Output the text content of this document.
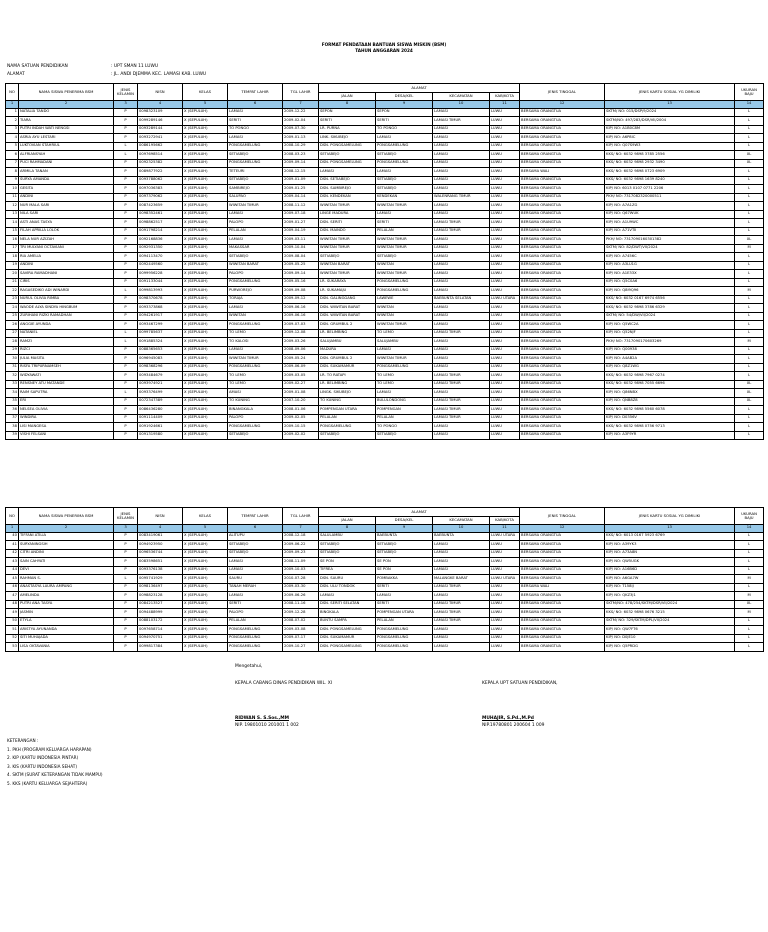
FORMAT PENDATAAN BANTUAN SISWA MISKIN (BSM)
TAHUN ANGGARAN 2024
NAMA SATUAN PENDIDIKAN	: UPT SMAN 11 LUWU
ALAMAT	: JL. ANDI DJEMMA KEC. LAMASI KAB. LUWU
NO	NAMA SISWA PENERIMA BSM	JENIS KELAMIN	NISN	KELAS	TEMPAT LAHIR	TGL LAHIR	ALAMAT				JENIS TINGGAL	JENIS KARTU SOSIAL YG DIMILIKI	UKURAN BAJU
							JALAN	DESA/KEL	KECAMATAN	KAB/KOTA			
1	2	3	4	5	6	7	8	9	10	11	12	13	14
1	NATALIA TANDO	P	0098323109	X (SEPULUH)	LAMASI	2009-12-22	SEPON	SEPON	LAMASI	LUWU	BERSAMA ORANGTUA	SKTM/ NO: 015/DSP/9/2024	L
2	TIARA	P	0099289146	X (SEPULUH)	SERITI	2009-02-04	SERITI	SERITI	LAMASI TIMUR	LUWU	BERSAMA ORANGTUA	SKTM/NO: 497/283/DSR/VII/2004	L
3	PUTRI INDAH WATI NENGSI	P	0093289144	X (SEPULUH)	TO PONGO	2009-07-30	LR. PURNA	TO PONGO	LAMASI	LUWU	BERSAMA ORANGTUA	KIP/ NO: A1B0C8M	L
4	ASRIA AYU LESTARI	P	0093272941	X (SEPULUH)	LAMASI	2009-01-13	LINK. SIKUBEJO	LAMASI	LAMASI	LUWU	BERSAMA ORANGTUA	KIP/ NO: A6P8IC	L
5	LUKTOVIAN STAHRIUL	L	0086195662	X (SEPULUH)	PONGSAMELUNG	2008-10-29	DSN. PONGSAMELUNG	PONGSAMELUNG	LAMASI	LUWU	BERSAMA ORANGTUA	KIP/ NO: Q07S9W3	L
6	ALFRIANSYAH	L	0097698514	X (SEPULUH)	SETIABEJO	2008-03-23	SETIABEJO	SETIABEJO	LAMASI	LUWU	BERSAMA ORANGTUA	KKS/ NO: 6032 9898 3785 2556	XL
7	PUCI RAHMADANI	P	0092325382	X (SEPULUH)	PONGSAMELUNG	2009-09-14	DSN. PONGSAMELUNG	PONGSAMELUNG	LAMASI	LUWU	BERSAMA ORANGTUA	KKS/ NO: 6032 9898 2932 3490	XL
8	ARMILA TANAN	P	0089877922	X (SEPULUH)	TETEURI	2008-12-15	LAMASI	LAMASI	LAMASI	LUWU	BERSAMA WALI	KKS/ NO: 6032 9898 0723 6909	L
9	SURYA AMANDA	P	0093788062	X (SEPULUH)	SETIABEJO	2009-01-09	DSN. SETIABEJO	SETIABEJO	LAMASI	LUWU	BERSAMA ORANGTUA	KKS/ NO: 6032 9898 1639 8240	L
10	GESITA	P	0097036383	X (SEPULUH)	SAMBIREJO	2009-01-25	DSN. SAMBIREJO	SETIABEJO	LAMASI	LUWU	BERSAMA ORANGTUA	KIP/ NO: 6013 0107 0771 2206	L
11	ANDINI	P	0097379062	X (SEPULUH)	SALUPAO	2009-04-14	DSN. KENDEKAN	KENDEKAN	WALENRANG TIMUR	LUWU	BERSAMA ORANGTUA	PKH/ NO: 7317082320000511	L
12	NUR MALA SARI	P	0087423659	X (SEPULUH)	WIWITAN TIMUR	2008-11-12	WIWITAN TIMUR	WIWITAN TIMUR	LAMASI	LUWU	BERSAMA ORANGTUA	KIP/ NO: A7A1ZG	L
13	NILA SARI	P	0098352461	X (SEPULUH)	LAMASI	2009-07-18	LINGE MADURA	LAMASI	LAMASI	LUWU	BERSAMA ORANGTUA	KIP/ NO: Q67WUK	L
14	ASTI ANAS TASYA	P	0098862517	X (SEPULUH)	PALOPO	2009-01-27	DSN. SERITI	SERITI	LAMASI TIMUR	LUWU	BERSAMA ORANGTUA	KIP/ NO: A1U9WC	L
15	FILAH APRILIA LOLOK	P	0091798214	X (SEPULUH)	PELALAN	2009-04-19	DSN. MAINDO	PELALAN	LAMASI TIMUR	LUWU	BERSAMA ORANGTUA	KIP/ NO: A71VTII	L
16	NELA NUR AZIZAH	P	0092168836	X (SEPULUH)	LAMASI	2009-03-11	WIWITAN TIMUR	WIWITAN TIMUR	LAMASI	LUWU	BERSAMA ORANGTUA	PKH/ NO: 7317090160301382	XL
17	TRI MULYANI OCTAVIANI	P	0092931350	X (SEPULUH)	MAKASSAR	2009-10-04	WIWITAN TIMUR	WIWITAN TIMUR	LAMASI	LUWU	BERSAMA ORANGTUA	SKTM/ NO: 82/DWT/VII/2024	M
18	RIA AMELIA	P	0094113470	X (SEPULUH)	SETIABEJO	2009-08-04	SETIABEJO	SETIABEJO	LAMASI	LUWU	BERSAMA ORANGTUA	KIP/ NO: A7456C	L
19	ANDINI	P	0092449560	X (SEPULUH)	WIWITAN BARAT	2009-05-25	WIWITAN BARAT	WIWITAN	LAMASI	LUWU	BERSAMA ORANGTUA	KIP/ NO: A3LU1G	L
20	SAVIRA RAMADHANI	P	0099956228	X (SEPULUH)	PALOPO	2009-09-14	WIWITAN TIMUR	WIWITAN TIMUR	LAMASI	LUWU	BERSAMA ORANGTUA	KIP/ NO: A1E33X	L
21	CIRIS	P	0091133044	X (SEPULUH)	PONGSAMELUNG	2009-05-16	LR. SUKARAYA	PONGSAMELUNG	LAMASI	LUWU	BERSAMA ORANGTUA	KIP/ NO: Q5C0A6	L
22	RAGASEDIKO ADI WINARDI	L	0099813993	X (SEPULUH)	PURWOREJO	2009-09-08	LR. SUKAMAJU	PONGSAMELUNG	LAMASI	LUWU	BERSAMA ORANGTUA	KIP/ NO: Q8I9Q96	M
23	NURUL OLIVIA RIMBA	P	0098370678	X (SEPULUH)	TORAJA	2009-09-12	DSN. GALINGGANG	LAWEWE	BAEBUNTA SELATAN	LUWU UTARA	BERSAMA ORANGTUA	KKS/ NO: 6032 0167 6974 6556	L
24	WAODE ALYA SINDYA HINGBUM	P	0093373868	X (SEPULUH)	LAMASI	2009-06-16	DSN. WIWITAN BARAT	WIWITAN	LAMASI	LUWU	BERSAMA ORANGTUA	KKS/ NO: 6032 9898 3786 6329	L
25	ZURIHANI RIZKI RAMADHAN	P	0094261917	X (SEPULUH)	WIWITAN	2009-06-16	DSN. WIWITAN BARAT	WIWITAN	LAMASI	LUWU	BERSAMA ORANGTUA	SKTM/ NO: 54/DW/VII/2024	L
26	ANGGIE AYUNDA	P	0093467299	X (SEPULUH)	PONGSAMELUNG	2009-07-03	DSN. GRUMBUL 2	WIWITAN TIMUR	LAMASI	LUWU	BERSAMA ORANGTUA	KIP/ NO: Q5WC2A	L
27	NATANIEL	L	0099785637	X (SEPULUH)	TO LEMO	2009-12-08	LR. BELIMBING	TO LEMO	LAMASI TIMUR	LUWU	BERSAMA ORANGTUA	KIP/ NO: Q52NJF	L
28	RAMZI	L	0091885324	X (SEPULUH)	TO KALOSI	2009-03-26	SALUJAMBU	SALUJAMBU	LAMASI	LUWU	BERSAMA ORANGTUA	PKH/ NO: 7317090170603269	M
29	RIZCI	P	0088365653	X (SEPULUH)	LAMASI	2008-09-06	MADURA	LAMASI	LAMASI	LUWU	BERSAMA ORANGTUA	KIP/ NO: Q00938	L
30	JULIA MASITA	P	0096945083	X (SEPULUH)	WIWITAN TIMUR	2009-05-24	DSN. GRUMBUL 2	WIWITAN TIMUR	LAMASI	LUWU	BERSAMA ORANGTUA	KIP/ NO: A4AB2A	L
31	RISFA TRIPURNAMSEH	P	0098368296	X (SEPULUH)	PONGSAMELUNG	2009-06-09	DSN. SUKAMAMUR	PONGSAMELUNG	LAMASI	LUWU	BERSAMA ORANGTUA	KIP/ NO: Q8Z1WG	L
32	WIDYAWATI	P	0093484679	X (SEPULUH)	TO LEMO	2009-03-05	LR. TO RATAPI	TO LEMO	LAMASI TIMUR	LUWU	BERSAMA ORANGTUA	KKS/ NO: 6032 9898 7967 0274	L
33	RENSNEY ATU MATANDE	P	0093974921	X (SEPULUH)	TO LEMO	2009-02-27	LR. BELIMBING	TO LEMO	LAMASI TIMUR	LUWU	BERSAMA ORANGTUA	KKS/ NO: 6032 9898 7055 6696	XL
34	RAIM SAPUTRA	L	0093376499	X (SEPULUH)	AMASI	2009-01-08	LINGK. SIKUBEJO	LAMASI	LAMASI	LUWU	BERSAMA ORANGTUA	KIP/ NO: Q86NBX	XL
35	ERI	P	0072347389	X (SEPULUH)	TO KUNING	2007-10-20	TO KUNING	BULULONDONG	LAMASI TIMUR	LUWU	BERSAMA ORANGTUA	KIP/ NO: QNB8Z8	XL
36	NELSEA OLIVIA	P	0086436280	X (SEPULUH)	BINANGKALA	2008-01-06	POMPENGAN UTARA	POMPENGAN	LAMASI TIMUR	LUWU	BERSAMA ORANGTUA	KKS/ NO: 6032 9898 5560 6078	L
37	WINDIRA	P	0091114409	X (SEPULUH)	PALOPO	2009-02-05	PELALAN	PELALAN	LAMASI TIMUR	LUWU	BERSAMA ORANGTUA	KIP/ NO: D0356V	L
38	LISI MANGESA	P	0091924661	X (SEPULUH)	PONGSAMELUNG	2009-10-15	PONGSAMELUNG	TO PONGO	LAMASI	LUWU	BERSAMA ORANGTUA	KKS/ NO: 6032 9898 0756 9713	L
39	VISHI FELSANI	P	0091319580	X (SEPULUH)	SETIABEJO	2009-02-02	SETIABEJO	SETIABEJO	LAMASI	LUWU	BERSAMA ORANGTUA	KIP/ NO: A3F9YR	L
NO	NAMA SISWA PENERIMA BSM	JENIS KELAMIN	NISN	KELAS	TEMPAT LAHIR	TGL LAHIR	ALAMAT				JENIS TINGGAL	JENIS KARTU SOSIAL YG DIMILIKI	UKURAN BAJU
							JALAN	DESA/KEL	KECAMATAN	KAB/KOTA			
1	2	3	4	5	6	7	8	9	10	11	12	13	14
40	TIFFANI ATILIA	P	0083419061	X (SEPULUH)	ALITUPU	2008-12-18	SALULAMBU	BAEBUNTA	BAEBUNTA	LUWU UTARA	BERSAMA ORANGTUA	KKS/ NO: 6013 0167 5923 6769	L
41	SURYANINGSIH	P	0094923950	X (SEPULUH)	SETIABEJO	2009-06-22	SETIABEJO	SETIABEJO	LAMASI	LUWU	BERSAMA ORANGTUA	KIP/ NO: A39YK3	L
42	CITRI ANDINI	P	0096536744	X (SEPULUH)	SETIABEJO	2009-09-23	SETIABEJO	SETIABEJO	LAMASI	LUWU	BERSAMA ORANGTUA	KIP/ NO: A73A8N	L
43	SAIN CAHYATI	P	0083598651	X (SEPULUH)	LAMASI	2008-11-09	SE PON	SE PON	LAMASI	LUWU	BERSAMA ORANGTUA	KIP/ NO: QW5UGK	L
44	DEVI	P	0093376138	X (SEPULUH)	LAMASI	2009-10-03	TIFREA	SE PON	LAMASI	LUWU	BERSAMA ORANGTUA	KIP/ NO: A16B6D	L
45	RAHMAN S.	L	0095741929	X (SEPULUH)	SAURU	2010-07-28	DSN. SAURU	POMBAKKA	MALANGKE BARAT	LUWU UTARA	BERSAMA ORANGTUA	KIP/ NO: A6GA7W	M
46	ANASTASYA LAURA AMPANG	P	0098136497	X (SEPULUH)	TANAH MERAH	2009-03-30	DSN. ULU TONDOK	SERITI	LAMASI TIMUR	LUWU	BERSAMA WALI	KIP/ NO: T158IJ	L
47	AMELINDA	P	0098823128	X (SEPULUH)	LAMASI	2009-06-26	LAMASI	LAMASI	LAMASI	LUWU	BERSAMA ORANGTUA	KIP/ NO: QKZ3J1	M
48	PUTRI ANA TASYA	P	0084213527	X (SEPULUH)	SERITI	2008-11-16	DSN. SERITI SELATAN	SERITI	LAMASI TIMUR	LUWU	BERSAMA ORANGTUA	SKTM/NO: 478/254/SKTM/DSR/VII/2024	XL
49	JASMIN	P	0094488999	X (SEPULUH)	PALOPO	2009-12-28	BINGKALA	POMPENGAN UTARA	LAMASI TIMUR	LUWU	BERSAMA ORANGTUA	KKS/ NO: 6032 9898 0676 3215	M
50	ETYLA	P	0088103172	X (SEPULUH)	PELALAN	2008-07-02	BUNTU SAMPA	PELALAN	LAMASI TIMUR	LUWU	BERSAMA ORANGTUA	SKTM/ NO: 329/SKTM/DPL/VII/2024	L
51	ARISTYA AYUNANDA	P	0097658714	X (SEPULUH)	PONGSAMELUNG	2009-03-08	DSN. PONGSAMELUNG	PONGSAMELUNG	LAMASI	LUWU	BERSAMA ORANGTUA	KIP/ NO: QW7FT6	L
52	SITI MUHAJADA	P	0094970751	X (SEPULUH)	PONGSAMELUNG	2009-07-17	DSN. SUKAMAMUR	PONGSAMELUNG	LAMASI	LUWU	BERSAMA ORANGTUA	KIP/ NO: D0JE10	L
53	LISA OKTAVANIA	P	0099817384	X (SEPULUH)	PONGSAMELUNG	2009-10-27	DSN. PONGSAMELUNG	PONGSAMELUNG	LAMASI	LUWU	BERSAMA ORANGTUA	KIP/ NO: Q5PRDG	L
Mengetahui,
KEPALA CABANG DINAS PENDIDIKAN WIL. XI
RIDWAN S. S.Sos.,MM
NIP. 19801010 201001 1 002
KEPALA UPT SATUAN PENDIDIKAN,
MUHAJIR, S.Pd.,M.Pd
NIP.19780801 200604 1 009
KETERANGAN :
1. PKH (PROGRAM KELUARGA HARAPAN)
2. KIP (KARTU INDONESIA PINTAR)
3. KIS (KARTU INDONESIA SEHAT)
4. SKTM (SURAT KETERANGAN TIDAK MAMPU)
5. KKS (KARTU KELUARGA SEJAHTERA)
